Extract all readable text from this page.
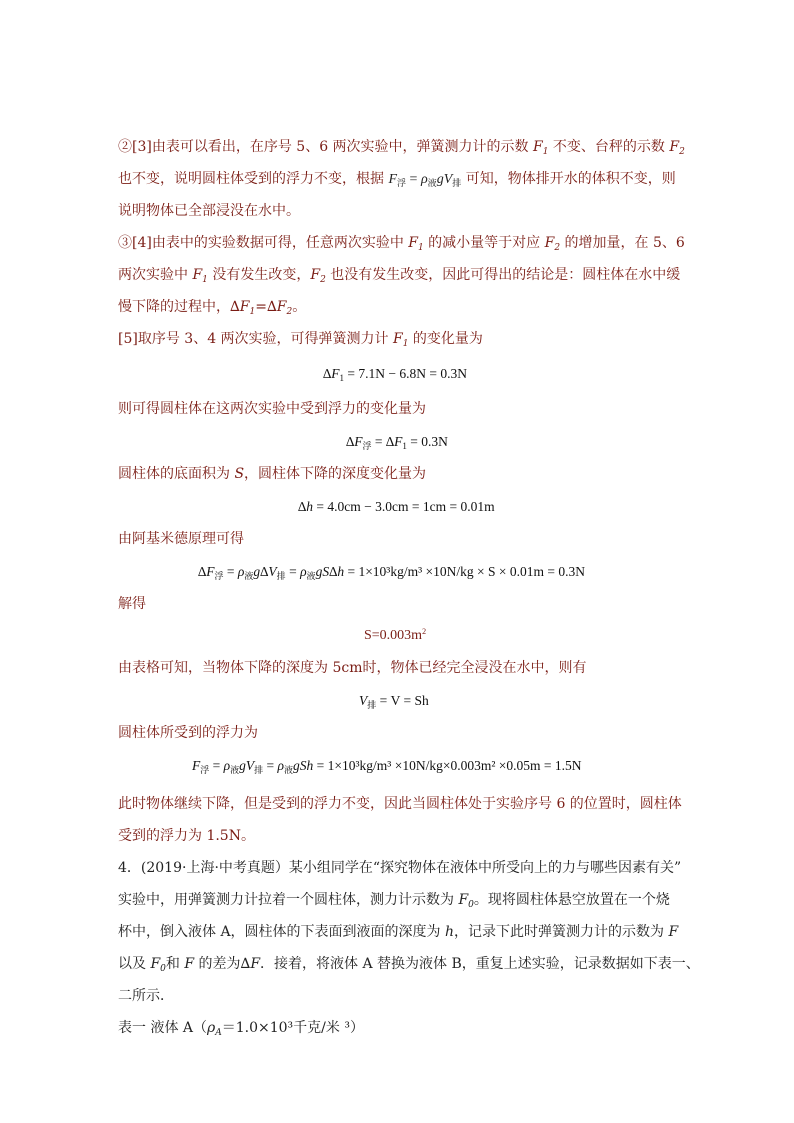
②[3]由表可以看出，在序号 5、6 两次实验中，弹簧测力计的示数 $F_1$ 不变、台秤的示数 $F_2$
也不变，说明圆柱体受到的浮力不变，根据 $F_浮 = \rho_液gV_排$ 可知，物体排开水的体积不变，则
说明物体已全部浸没在水中。
③[4]由表中的实验数据可得，任意两次实验中 $F_1$ 的减小量等于对应 $F_2$ 的增加量，在 5、6
两次实验中 $F_1$ 没有发生改变，$F_2$ 也没有发生改变，因此可得出的结论是：圆柱体在水中缓
慢下降的过程中，$\Delta F_1=\Delta F_2$。
[5]取序号 3、4 两次实验，可得弹簧测力计 $F_1$ 的变化量为
$\Delta F_1 = 7.1N - 6.8N = 0.3N$
则可得圆柱体在这两次实验中受到浮力的变化量为
$\Delta F_浮 = \Delta F_1 = 0.3N$
圆柱体的底面积为 S，圆柱体下降的深度变化量为
∆h = 4.0cm − 3.0cm = 1cm = 0.01m
由阿基米德原理可得
$\Delta F_浮 = \rho_液g\Delta V_排 = \rho_液gS\Delta h = 1\times 10^3kg/m^3 \times 10N/kg \times S \times 0.01m = 0.3N$
解得
$S=0.003m^2$
由表格可知，当物体下降的深度为 5cm时，物体已经完全浸没在水中，则有
$V_排 = V = Sh$
圆柱体所受到的浮力为
$F_浮 = \rho_液gV_排 = \rho_液gSh = 1\times 10^3kg/m^3 \times 10N/kg\times 0.003m^2 \times 0.05m = 1.5N$
此时物体继续下降，但是受到的浮力不变，因此当圆柱体处于实验序号 6 的位置时，圆柱体
受到的浮力为 1.5N。
4．(2019·上海·中考真题）某小组同学在“探究物体在液体中所受向上的力与哪些因素有关”
实验中，用弹簧测力计拉着一个圆柱体，测力计示数为 $F_0$。现将圆柱体悬空放置在一个烧
杯中，倒入液体 A，圆柱体的下表面到液面的深度为 h，记录下此时弹簧测力计的示数为 F
以及 $F_0$和 F 的差为∆F．接着，将液体 A 替换为液体 B，重复上述实验，记录数据如下表一、
二所示．
表一 液体 $A(\rho_A=1.0\times 10^3$千克/米 ³）
